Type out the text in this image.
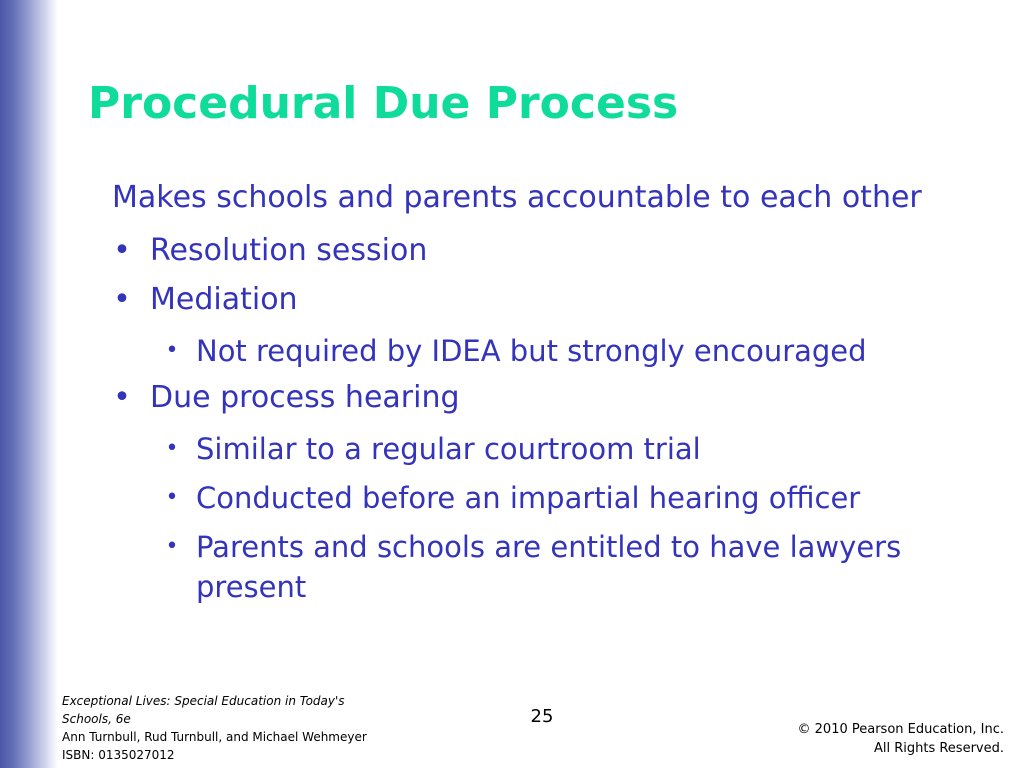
Procedural Due Process
Makes schools and parents accountable to each other
• Resolution session
• Mediation
• Not required by IDEA but strongly encouraged
• Due process hearing
• Similar to a regular courtroom trial
• Conducted before an impartial hearing officer
• Parents and schools are entitled to have lawyers present
Exceptional Lives: Special Education in Today's
Schools, 6e
Ann Turnbull, Rud Turnbull, and Michael Wehmeyer
ISBN: 0135027012
25
© 2010 Pearson Education, Inc.
All Rights Reserved.
